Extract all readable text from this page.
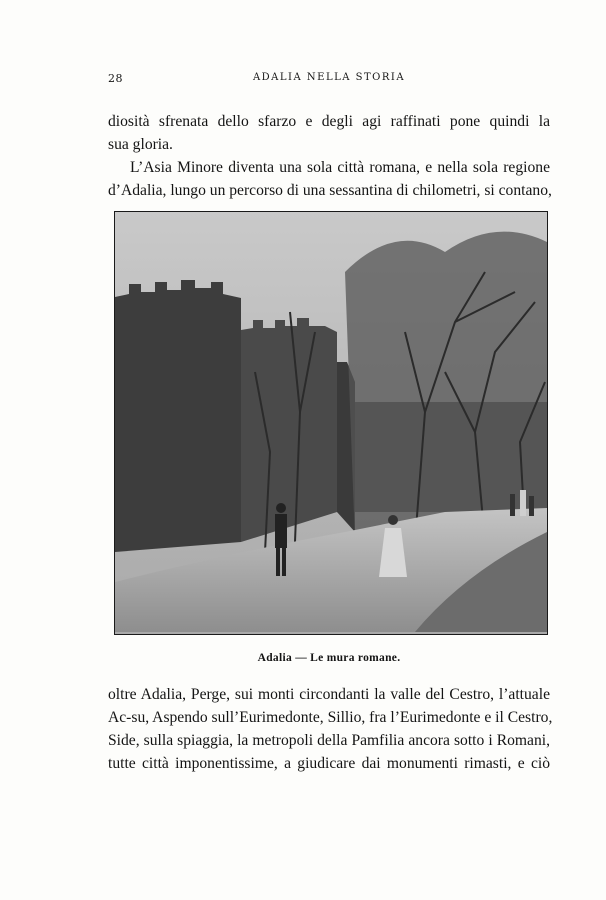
28	ADALIA NELLA STORIA

diosità sfrenata dello sfarzo e degli agi raffinati pone quindi la
sua gloria.
L’Asia Minore diventa una sola città romana, e nella sola regione
d’Adalia, lungo un percorso di una sessantina di chilometri, si contano,

Adalia — Le mura romane.

oltre Adalia, Perge, sui monti circondanti la valle del Cestro, l’attuale
Ac-su, Aspendo sull’Eurimedonte, Sillio, fra l’Eurimedonte e il Cestro,
Side, sulla spiaggia, la metropoli della Pamfilia ancora sotto i Romani,
tutte città imponentissime, a giudicare dai monumenti rimasti, e ciò
